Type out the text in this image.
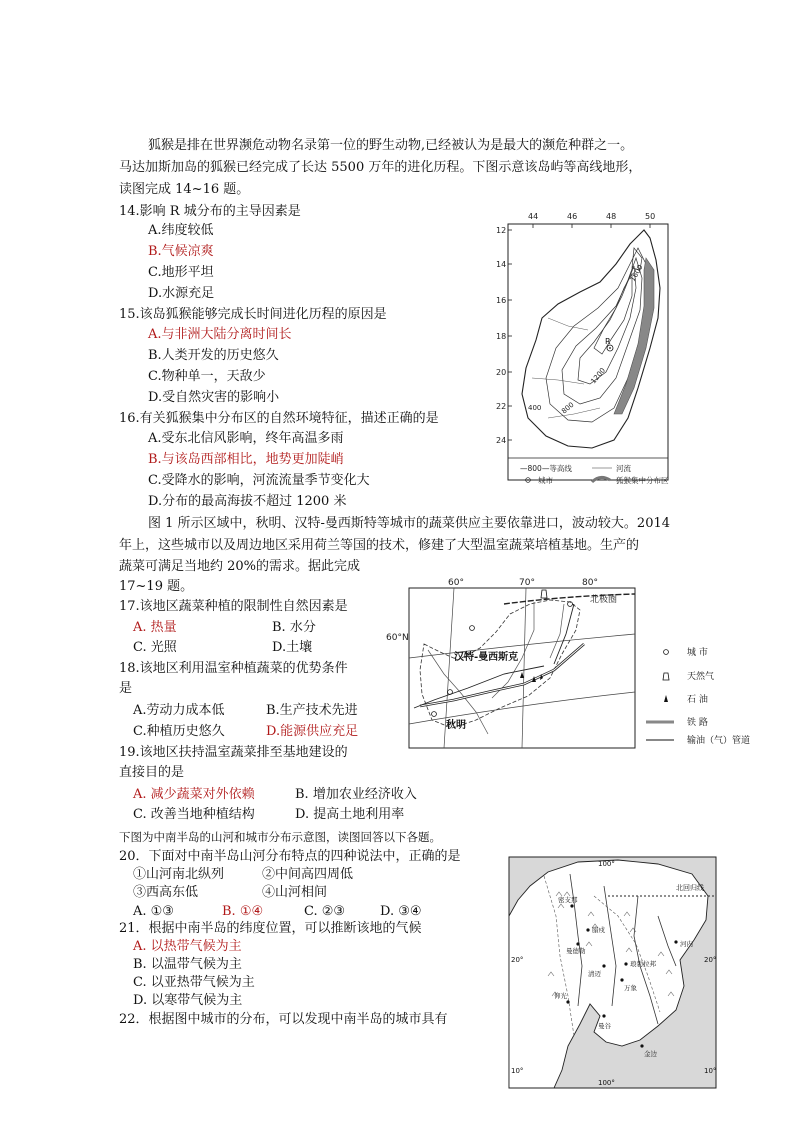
狐猴是排在世界濒危动物名录第一位的野生动物,已经被认为是最大的濒危种群之一。
马达加斯加岛的狐猴已经完成了长达 5500 万年的进化历程。下图示意该岛屿等高线地形，
读图完成 14~16 题。
14.影响 R 城分布的主导因素是
A.纬度较低
B.气候凉爽
C.地形平坦
D.水源充足
15.该岛狐猴能够完成长时间进化历程的原因是
A.与非洲大陆分离时间长
B.人类开发的历史悠久
C.物种单一，天敌少
D.受自然灾害的影响小
16.有关狐猴集中分布区的自然环境特征，描述正确的是
A.受东北信风影响，终年高温多雨
B.与该岛西部相比，地势更加陡峭
C.受降水的影响，河流流量季节变化大
D.分布的最高海拔不超过 1200 米
图 1 所示区域中，秋明、汉特-曼西斯特等城市的蔬菜供应主要依靠进口，波动较大。2014
年上，这些城市以及周边地区采用荷兰等国的技术，修建了大型温室蔬菜培植基地。生产的
蔬菜可满足当地约 20%的需求。据此完成
17~19 题。
17.该地区蔬菜种植的限制性自然因素是
A. 热量	B. 水分
C. 光照	D.土壤
18.该地区利用温室种植蔬菜的优势条件
是
A.劳动力成本低	B.生产技术先进
C.种植历史悠久	D.能源供应充足
19.该地区扶持温室蔬菜排至基地建设的
直接目的是
A. 减少蔬菜对外依赖	B. 增加农业经济收入
C. 改善当地种植结构	D. 提高土地利用率
下图为中南半岛的山河和城市分布示意图，读图回答以下各题。
20．下面对中南半岛山河分布特点的四种说法中，正确的是
①山河南北纵列	②中间高四周低
③西高东低	④山河相间
A. ①③	B. ①④	C. ②③	D. ③④
21．根据中南半岛的纬度位置，可以推断该地的气候
A. 以热带气候为主
B. 以温带气候为主
C. 以亚热带气候为主
D. 以寒带气候为主
22．根据图中城市的分布，可以发现中南半岛的城市具有
44	46	48	50
12
14
16
18
20
22
24
1600
1200
800
400
R
—800—等高线	河流
城市	狐猴集中分布区
60°	70°	80°
60°N
北极圈
汉特-曼西斯克
秋明
城 市
天然气
石 油
铁 路
输油（气）管道
北回归线
20°	20°
10°	10°
100°
100°
密支那
腊戍
曼德勒
清迈
河内
琅勃拉邦
万象
仰光
曼谷
金边
